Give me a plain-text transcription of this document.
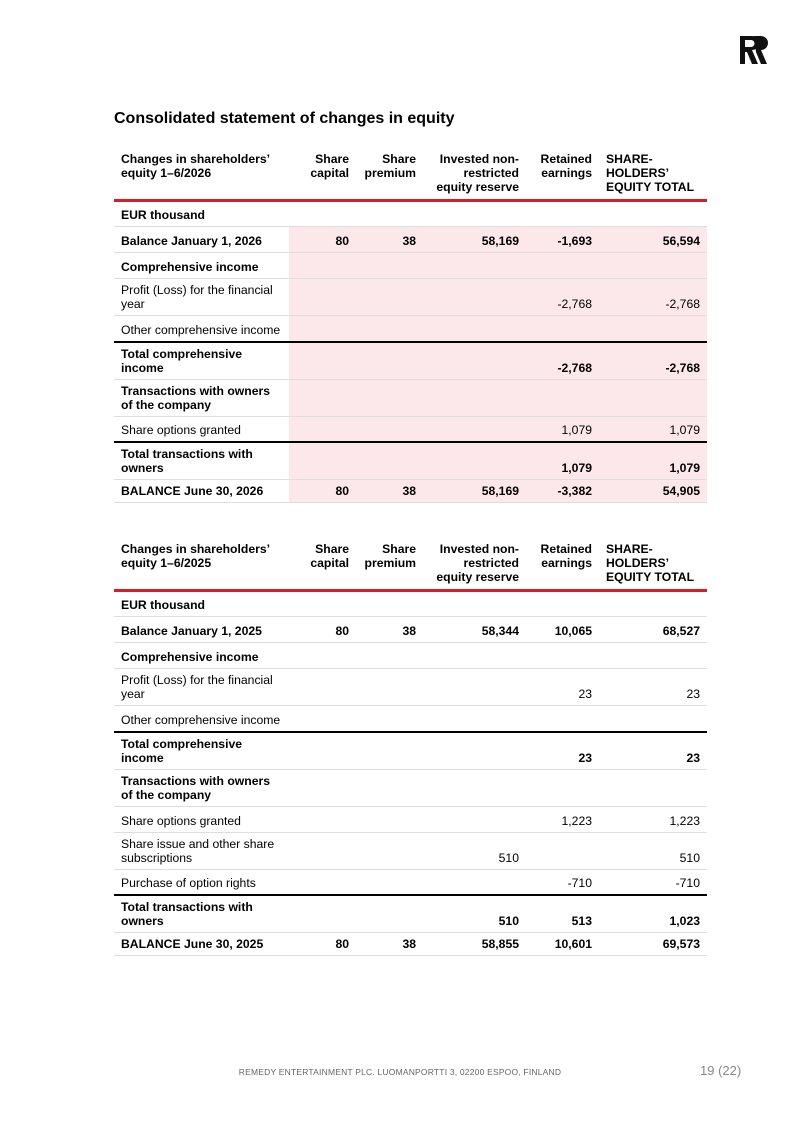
Consolidated statement of changes in equity
Changes in shareholders’ equity 1–6/2026	Share capital	Share premium	Invested non-restricted equity reserve	Retained earnings	SHARE-HOLDERS’ EQUITY TOTAL
EUR thousand					
Balance January 1, 2026	80	38	58,169	-1,693	56,594
Comprehensive income					
Profit (Loss) for the financial year				-2,768	-2,768
Other comprehensive income					
Total comprehensive income				-2,768	-2,768
Transactions with owners of the company					
Share options granted				1,079	1,079
Total transactions with owners				1,079	1,079
BALANCE June 30, 2026	80	38	58,169	-3,382	54,905
Changes in shareholders’ equity 1–6/2025	Share capital	Share premium	Invested non-restricted equity reserve	Retained earnings	SHARE-HOLDERS’ EQUITY TOTAL
EUR thousand					
Balance January 1, 2025	80	38	58,344	10,065	68,527
Comprehensive income					
Profit (Loss) for the financial year				23	23
Other comprehensive income					
Total comprehensive income				23	23
Transactions with owners of the company					
Share options granted				1,223	1,223
Share issue and other share subscriptions			510		510
Purchase of option rights				-710	-710
Total transactions with owners			510	513	1,023
BALANCE June 30, 2025	80	38	58,855	10,601	69,573
REMEDY ENTERTAINMENT PLC. LUOMANPORTTI 3, 02200 ESPOO, FINLAND	19 (22)
